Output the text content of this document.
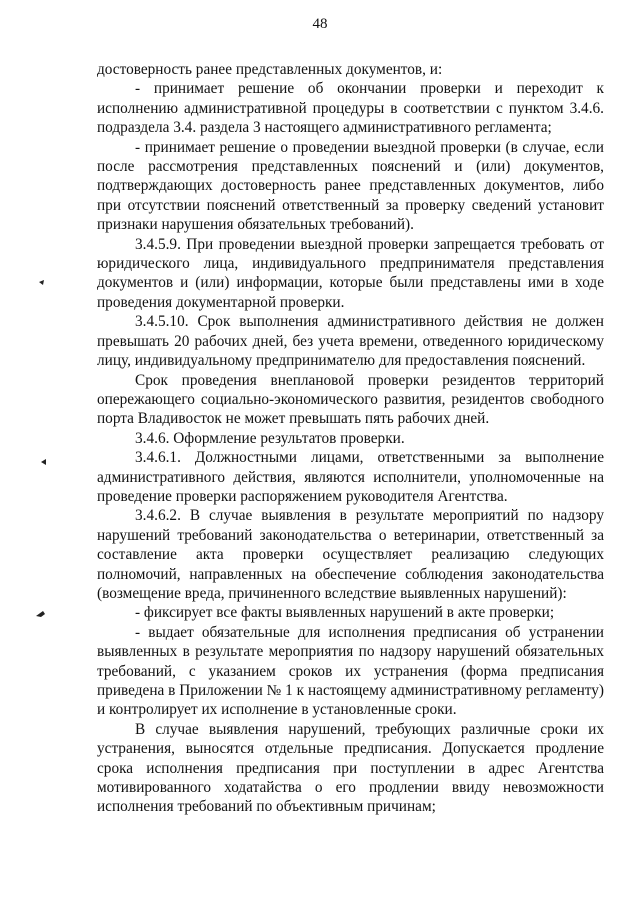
48

достоверность ранее представленных документов, и:

- принимает решение об окончании проверки и переходит к исполнению административной процедуры в соответствии с пунктом 3.4.6. подраздела 3.4. раздела 3 настоящего административного регламента;

- принимает решение о проведении выездной проверки (в случае, если после рассмотрения представленных пояснений и (или) документов, подтверждающих достоверность ранее представленных документов, либо при отсутствии пояснений ответственный за проверку сведений установит признаки нарушения обязательных требований).

3.4.5.9. При проведении выездной проверки запрещается требовать от юридического лица, индивидуального предпринимателя представления документов и (или) информации, которые были представлены ими в ходе проведения документарной проверки.

3.4.5.10. Срок выполнения административного действия не должен превышать 20 рабочих дней, без учета времени, отведенного юридическому лицу, индивидуальному предпринимателю для предоставления пояснений.

Срок проведения внеплановой проверки резидентов территорий опережающего социально-экономического развития, резидентов свободного порта Владивосток не может превышать пять рабочих дней.

3.4.6. Оформление результатов проверки.

3.4.6.1. Должностными лицами, ответственными за выполнение административного действия, являются исполнители, уполномоченные на проведение проверки распоряжением руководителя Агентства.

3.4.6.2. В случае выявления в результате мероприятий по надзору нарушений требований законодательства о ветеринарии, ответственный за составление акта проверки осуществляет реализацию следующих полномочий, направленных на обеспечение соблюдения законодательства (возмещение вреда, причиненного вследствие выявленных нарушений):

- фиксирует все факты выявленных нарушений в акте проверки;

- выдает обязательные для исполнения предписания об устранении выявленных в результате мероприятия по надзору нарушений обязательных требований, с указанием сроков их устранения (форма предписания приведена в Приложении № 1 к настоящему административному регламенту) и контролирует их исполнение в установленные сроки.

В случае выявления нарушений, требующих различные сроки их устранения, выносятся отдельные предписания. Допускается продление срока исполнения предписания при поступлении в адрес Агентства мотивированного ходатайства о его продлении ввиду невозможности исполнения требований по объективным причинам;
